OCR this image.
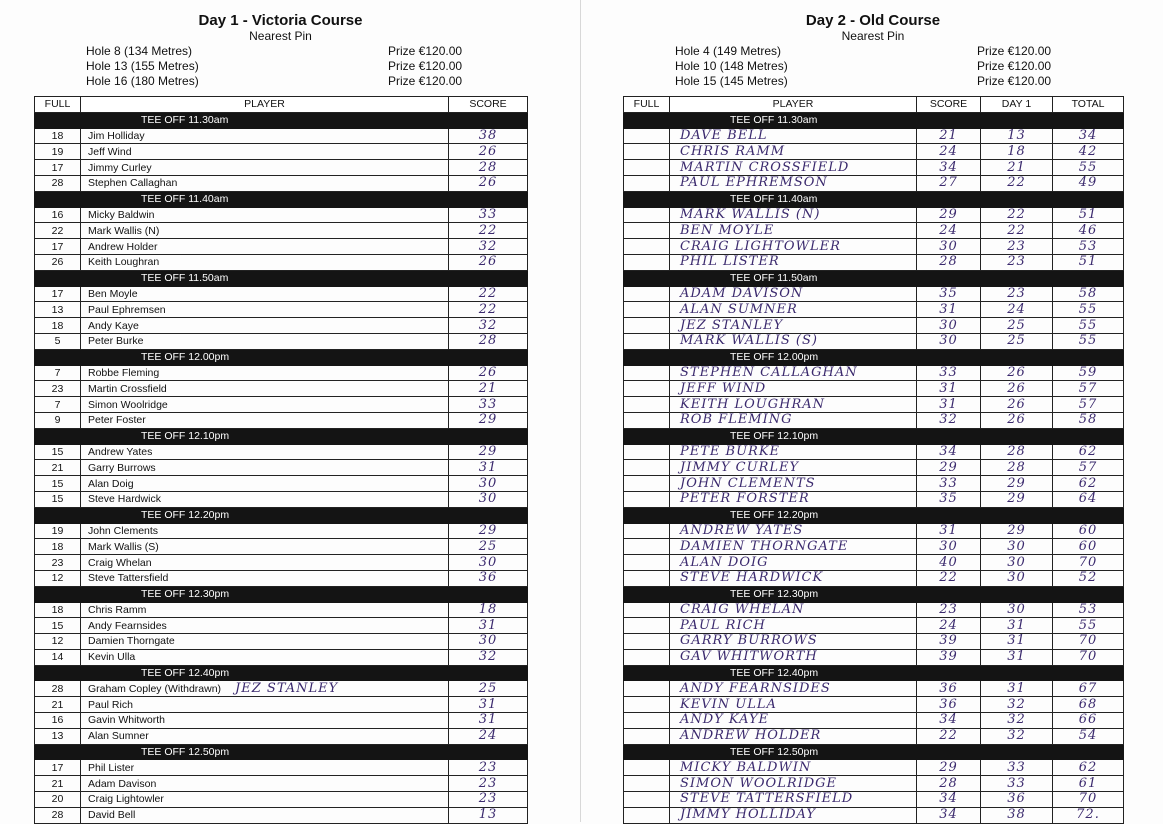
Day 1 - Victoria Course
Nearest Pin
Hole 8 (134 Metres)	Prize €120.00
Hole 13 (155 Metres)	Prize €120.00
Hole 16 (180 Metres)	Prize €120.00
FULL	PLAYER	SCORE
	TEE OFF 11.30am	
18	Jim Holliday	38
19	Jeff Wind	26
17	Jimmy Curley	28
28	Stephen Callaghan	26
	TEE OFF 11.40am	
16	Micky Baldwin	33
22	Mark Wallis (N)	22
17	Andrew Holder	32
26	Keith Loughran	26
	TEE OFF 11.50am	
17	Ben Moyle	22
13	Paul Ephremsen	22
18	Andy Kaye	32
5	Peter Burke	28
	TEE OFF 12.00pm	
7	Robbe Fleming	26
23	Martin Crossfield	21
7	Simon Woolridge	33
9	Peter Foster	29
	TEE OFF 12.10pm	
15	Andrew Yates	29
21	Garry Burrows	31
15	Alan Doig	30
15	Steve Hardwick	30
	TEE OFF 12.20pm	
19	John Clements	29
18	Mark Wallis (S)	25
23	Craig Whelan	30
12	Steve Tattersfield	36
	TEE OFF 12.30pm	
18	Chris Ramm	18
15	Andy Fearnsides	31
12	Damien Thorngate	30
14	Kevin Ulla	32
	TEE OFF 12.40pm	
28	Graham Copley (Withdrawn) JEZ STANLEY	25
21	Paul Rich	31
16	Gavin Whitworth	31
13	Alan Sumner	24
	TEE OFF 12.50pm	
17	Phil Lister	23
21	Adam Davison	23
20	Craig Lightowler	23
28	David Bell	13
Day 2 - Old Course
Nearest Pin
Hole 4 (149 Metres)	Prize €120.00
Hole 10 (148 Metres)	Prize €120.00
Hole 15 (145 Metres)	Prize €120.00
FULL	PLAYER	SCORE	DAY 1	TOTAL
	TEE OFF 11.30am			
	DAVE BELL	21	13	34
	CHRIS RAMM	24	18	42
	MARTIN CROSSFIELD	34	21	55
	PAUL EPHREMSON	27	22	49
	TEE OFF 11.40am			
	MARK WALLIS (N)	29	22	51
	BEN MOYLE	24	22	46
	CRAIG LIGHTOWLER	30	23	53
	PHIL LISTER	28	23	51
	TEE OFF 11.50am			
	ADAM DAVISON	35	23	58
	ALAN SUMNER	31	24	55
	JEZ STANLEY	30	25	55
	MARK WALLIS (S)	30	25	55
	TEE OFF 12.00pm			
	STEPHEN CALLAGHAN	33	26	59
	JEFF WIND	31	26	57
	KEITH LOUGHRAN	31	26	57
	ROB FLEMING	32	26	58
	TEE OFF 12.10pm			
	PETE BURKE	34	28	62
	JIMMY CURLEY	29	28	57
	JOHN CLEMENTS	33	29	62
	PETER FORSTER	35	29	64
	TEE OFF 12.20pm			
	ANDREW YATES	31	29	60
	DAMIEN THORNGATE	30	30	60
	ALAN DOIG	40	30	70
	STEVE HARDWICK	22	30	52
	TEE OFF 12.30pm			
	CRAIG WHELAN	23	30	53
	PAUL RICH	24	31	55
	GARRY BURROWS	39	31	70
	GAV WHITWORTH	39	31	70
	TEE OFF 12.40pm			
	ANDY FEARNSIDES	36	31	67
	KEVIN ULLA	36	32	68
	ANDY KAYE	34	32	66
	ANDREW HOLDER	22	32	54
	TEE OFF 12.50pm			
	MICKY BALDWIN	29	33	62
	SIMON WOOLRIDGE	28	33	61
	STEVE TATTERSFIELD	34	36	70
	JIMMY HOLLIDAY	34	38	72.
